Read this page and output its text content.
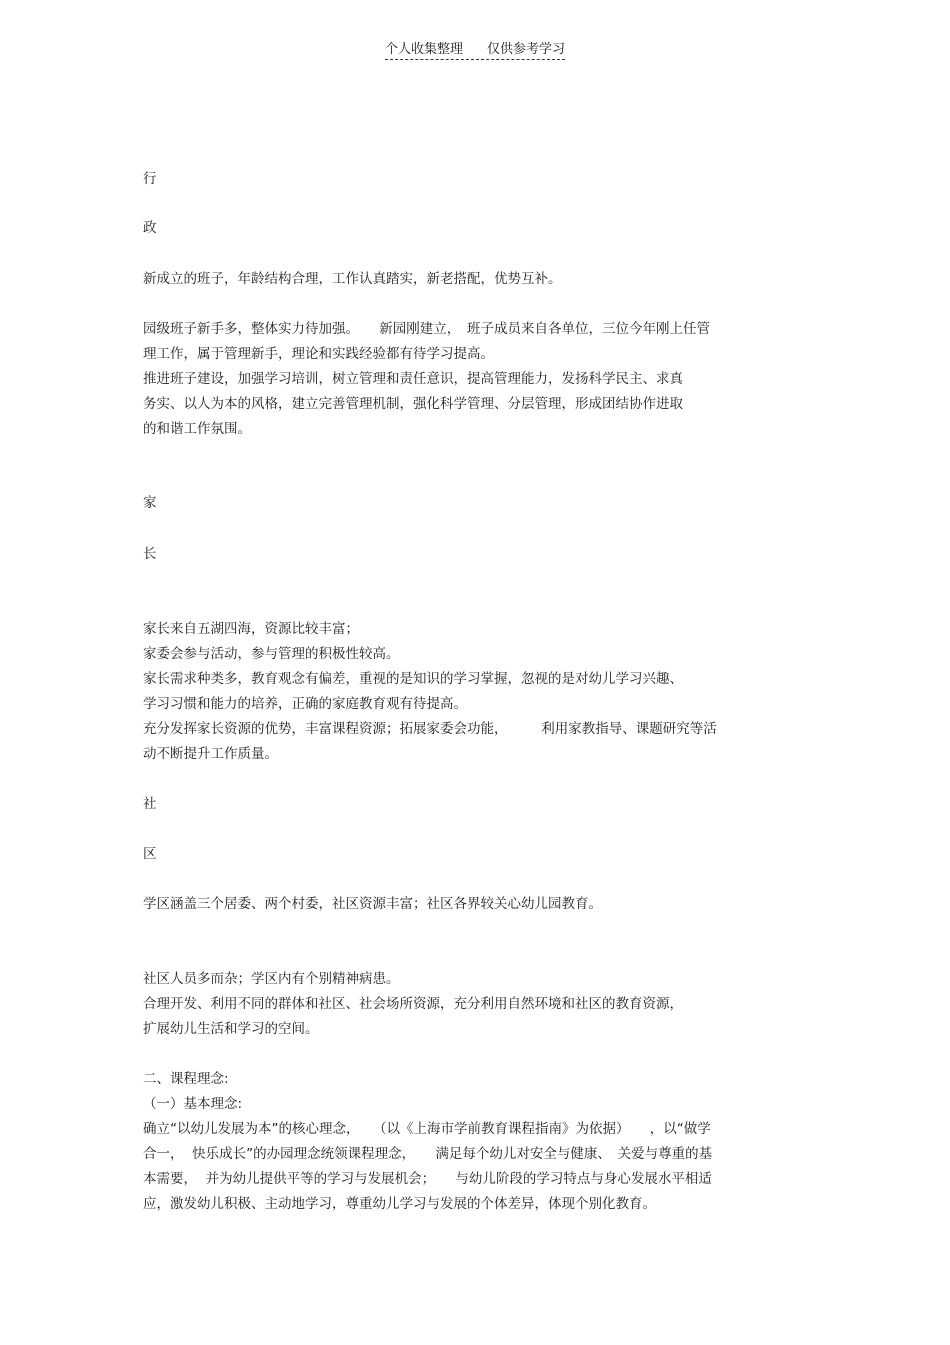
个人收集整理 仅供参考学习
行
政
新成立的班子，年龄结构合理，工作认真踏实，新老搭配，优势互补。
园级班子新手多，整体实力待加强。　　新园刚建立，　班子成员来自各单位，三位今年刚上任管
理工作，属于管理新手，理论和实践经验都有待学习提高。
推进班子建设，加强学习培训，树立管理和责任意识，提高管理能力，发扬科学民主、求真
务实、以人为本的风格，建立完善管理机制，强化科学管理、分层管理，形成团结协作进取
的和谐工作氛围。
家
长
家长来自五湖四海，资源比较丰富；
家委会参与活动，参与管理的积极性较高。
家长需求种类多，教育观念有偏差，重视的是知识的学习掌握，忽视的是对幼儿学习兴趣、
学习习惯和能力的培养，正确的家庭教育观有待提高。
充分发挥家长资源的优势，丰富课程资源；拓展家委会功能，　　　利用家教指导、课题研究等活
动不断提升工作质量。
社
区
学区涵盖三个居委、两个村委，社区资源丰富；社区各界较关心幼儿园教育。
社区人员多而杂；学区内有个别精神病患。
合理开发、利用不同的群体和社区、社会场所资源，充分利用自然环境和社区的教育资源，
扩展幼儿生活和学习的空间。
二、课程理念:
（一）基本理念:
确立“以幼儿发展为本”的核心理念，　　（以《上海市学前教育课程指南》为依据）　　，以“做学
合一，  快乐成长”的办园理念统领课程理念，　　满足每个幼儿对安全与健康、　关爱与尊重的基
本需要，  并为幼儿提供平等的学习与发展机会；　　与幼儿阶段的学习特点与身心发展水平相适
应，激发幼儿积极、主动地学习，尊重幼儿学习与发展的个体差异，体现个别化教育。
